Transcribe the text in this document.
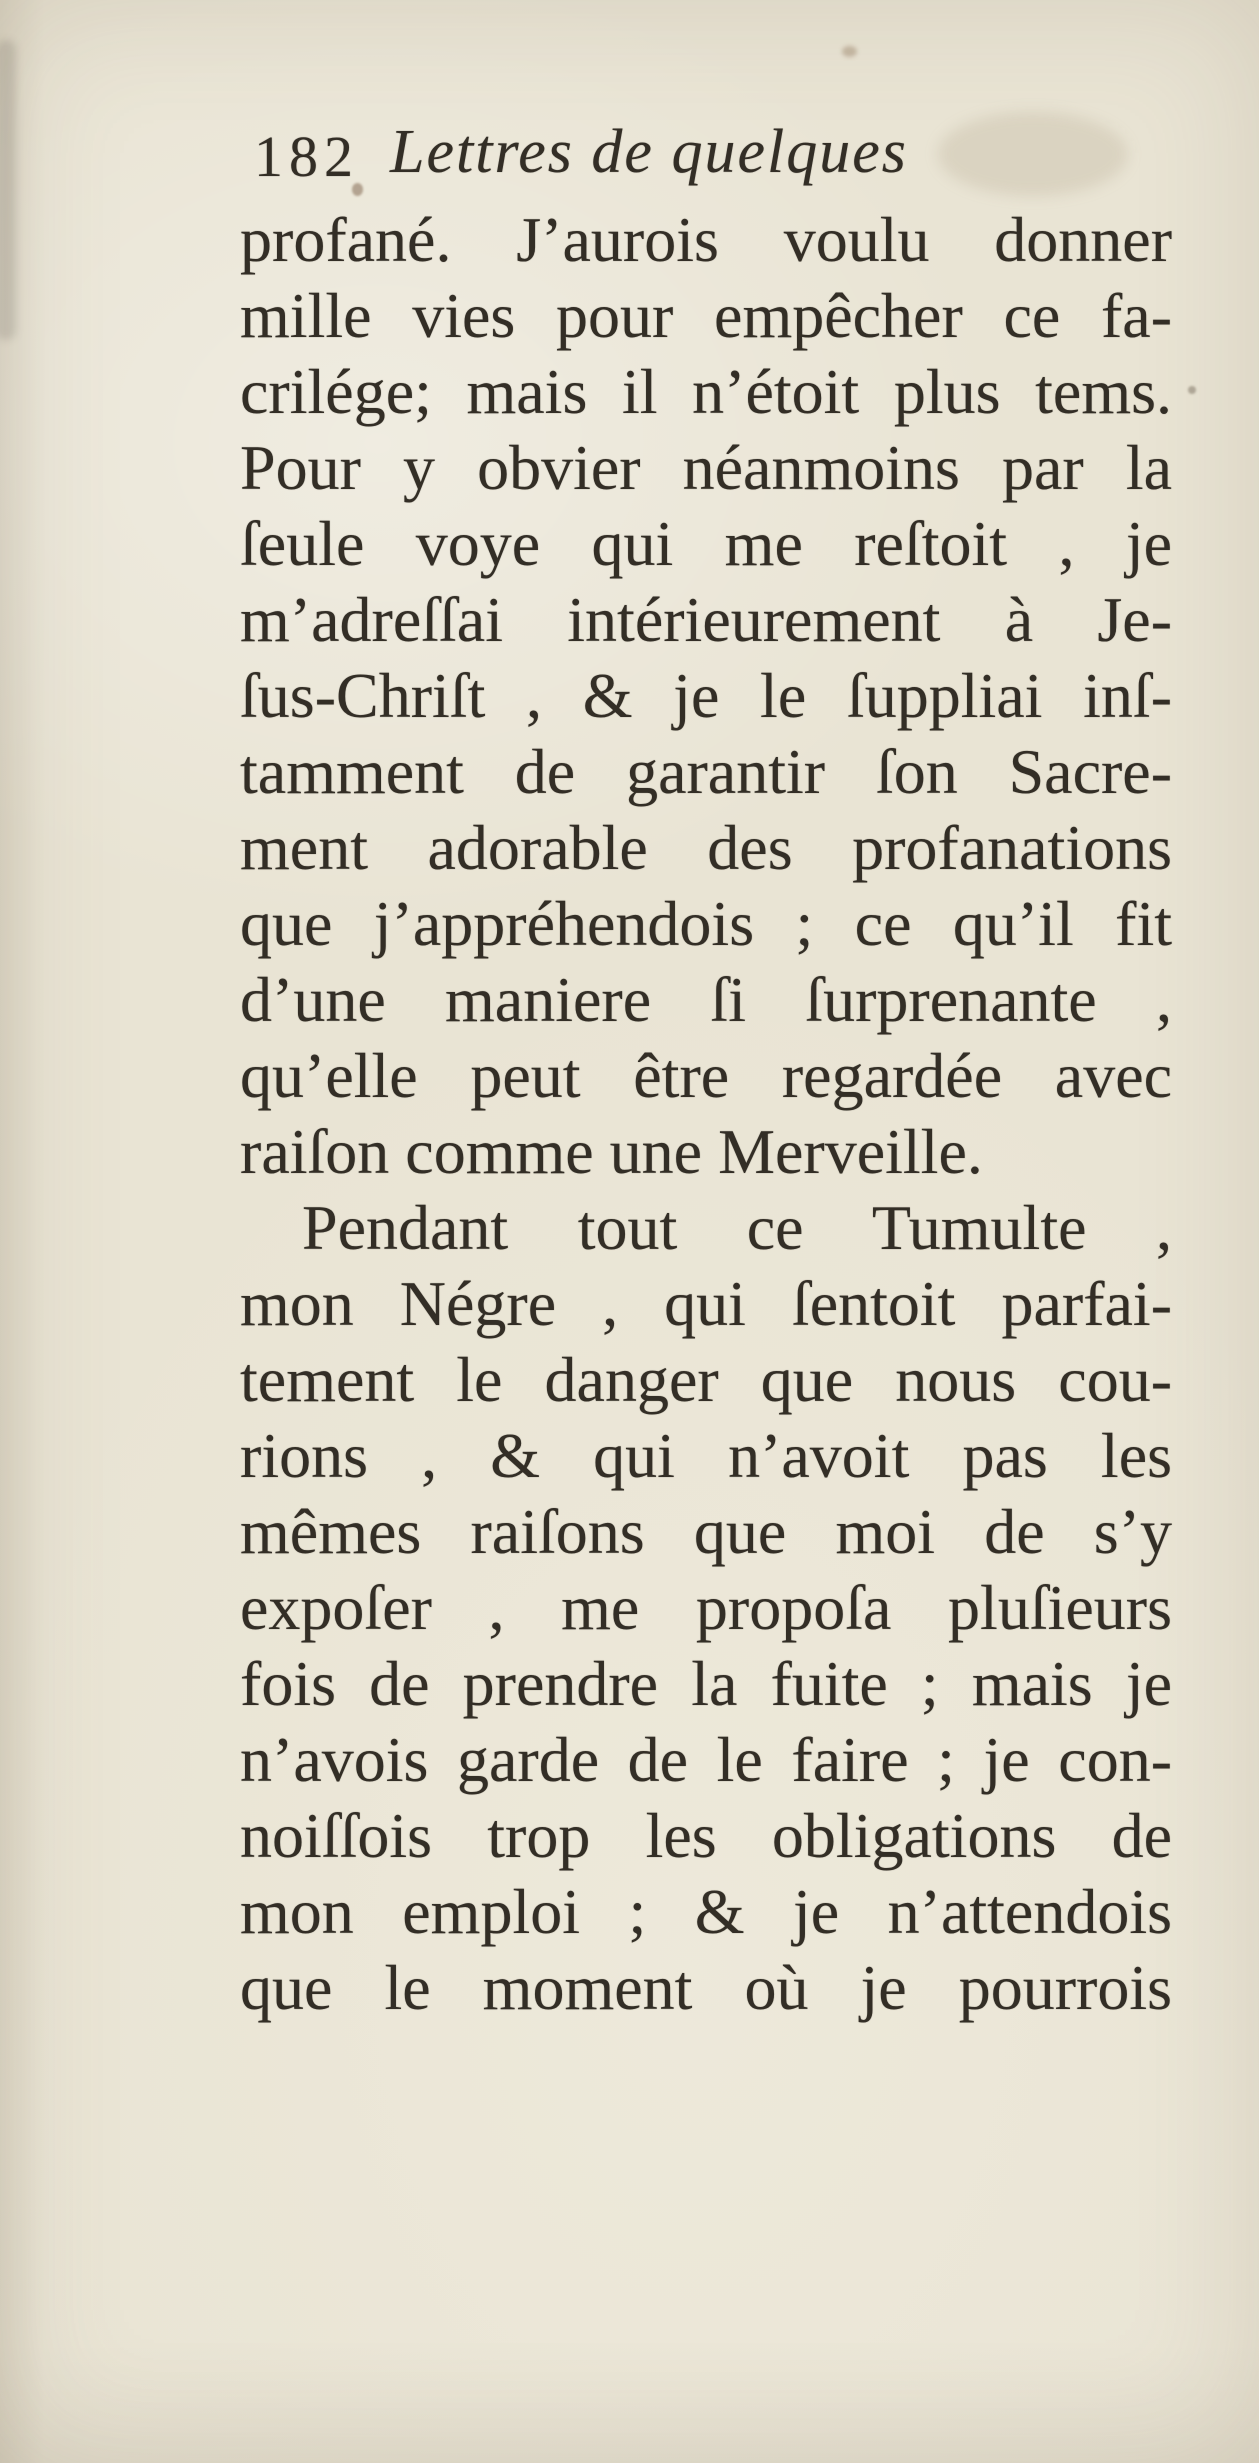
182 Lettres de quelques
profané. J’aurois voulu donner
mille vies pour empêcher ce fa-
crilége; mais il n’étoit plus tems.
Pour y obvier néanmoins par la
ſeule voye qui me reſtoit , je
m’adreſſai intérieurement à Je-
ſus-Chriſt , & je le ſuppliai inſ-
tamment de garantir ſon Sacre-
ment adorable des profanations
que j’appréhendois ; ce qu’il fit
d’une maniere ſi ſurprenante ,
qu’elle peut être regardée avec
raiſon comme une Merveille.
Pendant tout ce Tumulte ,
mon Négre , qui ſentoit parfai-
tement le danger que nous cou-
rions , & qui n’avoit pas les
mêmes raiſons que moi de s’y
expoſer , me propoſa pluſieurs
fois de prendre la fuite ; mais je
n’avois garde de le faire ; je con-
noiſſois trop les obligations de
mon emploi ; & je n’attendois
que le moment où je pourrois
